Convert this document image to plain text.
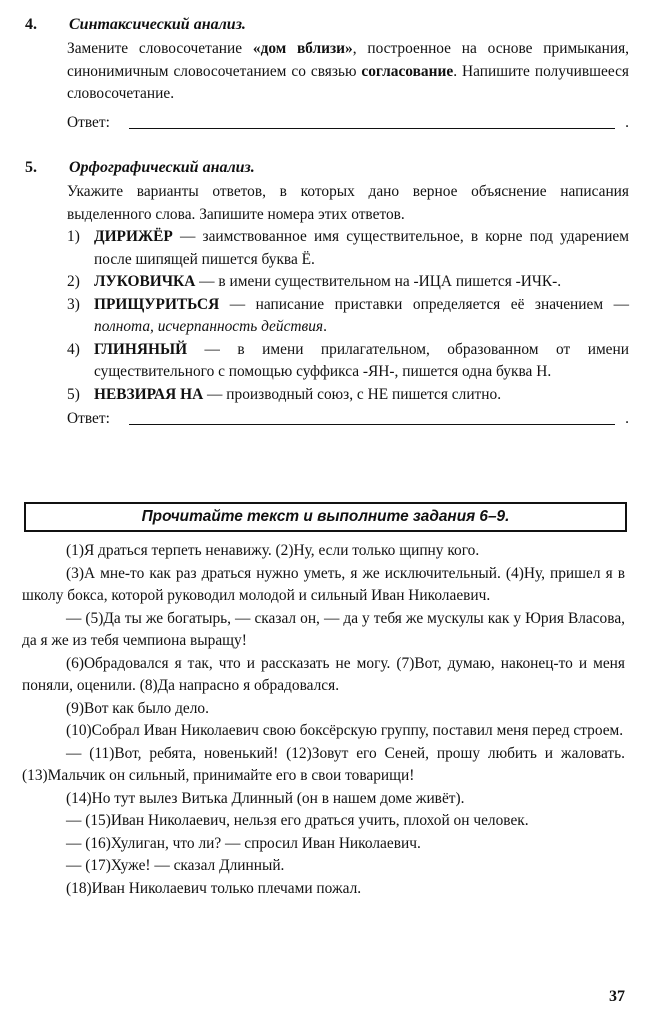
4. Синтаксический анализ.
Замените словосочетание «дом вблизи», построенное на основе примыкания, синонимичным словосочетанием со связью согласование. Напишите получившееся словосочетание.
Ответ:	.
5. Орфографический анализ.
Укажите варианты ответов, в которых дано верное объяснение написания выделенного слова. Запишите номера этих ответов.
1) ДИРИЖЁР — заимствованное имя существительное, в корне под ударением после шипящей пишется буква Ё.
2) ЛУКОВИЧКА — в имени существительном на -ИЦА пишется -ИЧК-.
3) ПРИЩУРИТЬСЯ — написание приставки определяется её значением — полнота, исчерпанность действия.
4) ГЛИНЯНЫЙ — в имени прилагательном, образованном от имени существительного с помощью суффикса -ЯН-, пишется одна буква Н.
5) НЕВЗИРАЯ НА — производный союз, с НЕ пишется слитно.
Ответ:	.
Прочитайте текст и выполните задания 6–9.

(1)Я драться терпеть ненавижу. (2)Ну, если только щипну кого.

(3)А мне-то как раз драться нужно уметь, я же исключительный. (4)Ну, пришел я в школу бокса, которой руководил молодой и сильный Иван Николаевич.

— (5)Да ты же богатырь, — сказал он, — да у тебя же мускулы как у Юрия Власова, да я же из тебя чемпиона выращу!

(6)Обрадовался я так, что и рассказать не могу. (7)Вот, думаю, наконец-то и меня поняли, оценили. (8)Да напрасно я обрадовался.

(9)Вот как было дело.

(10)Собрал Иван Николаевич свою боксёрскую группу, поставил меня перед строем.

— (11)Вот, ребята, новенький! (12)Зовут его Сеней, прошу любить и жаловать. (13)Мальчик он сильный, принимайте его в свои товарищи!

(14)Но тут вылез Витька Длинный (он в нашем доме живёт).

— (15)Иван Николаевич, нельзя его драться учить, плохой он человек.

— (16)Хулиган, что ли? — спросил Иван Николаевич.

— (17)Хуже! — сказал Длинный.

(18)Иван Николаевич только плечами пожал.

37
